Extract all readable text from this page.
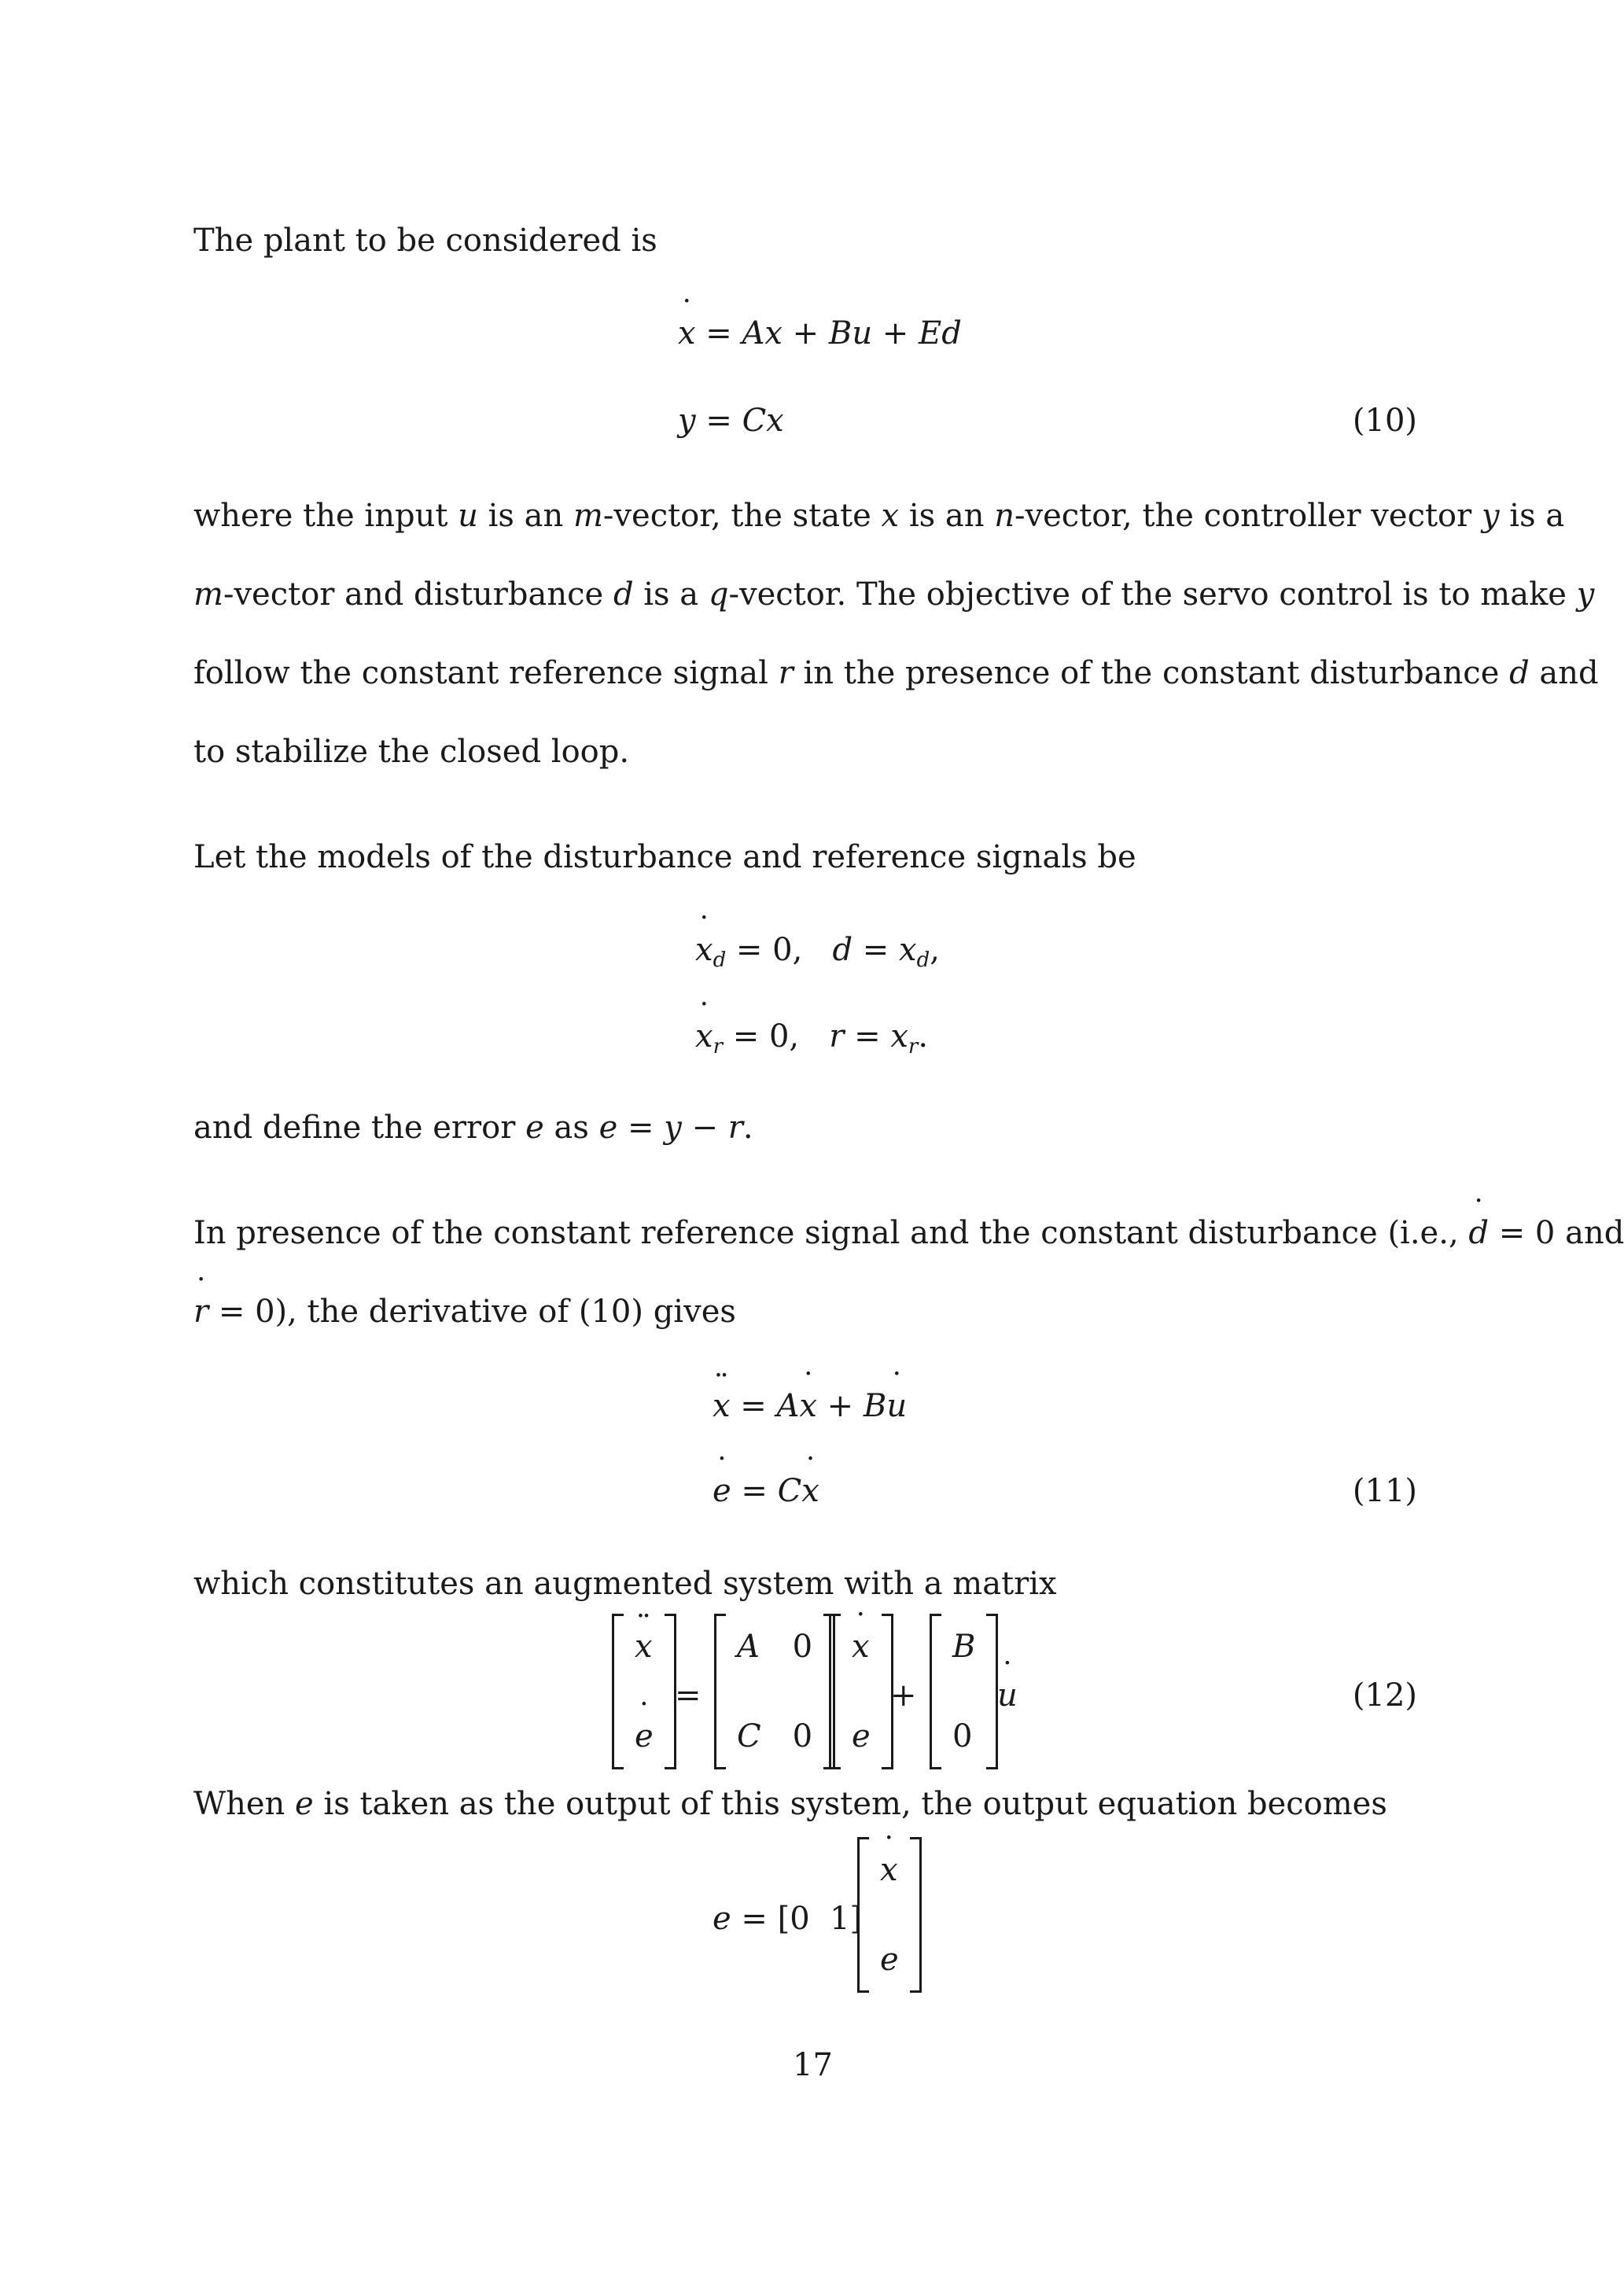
The plant to be considered is
x ˙ = Ax + Bu + Ed
y = Cx	(10)
where the input u is an m-vector, the state x is an n-vector, the controller vector y is a
m-vector and disturbance d is a q-vector. The objective of the servo control is to make y
follow the constant reference signal r in the presence of the constant disturbance d and
to stabilize the closed loop.
Let the models of the disturbance and reference signals be
x $˙_d = 0$,   $d = x_d$,
x $˙_r = 0$,   $r = x_r$.
and define the error e as e = y − r.
In presence of the constant reference signal and the constant disturbance (i.e., d ˙ = 0 and
r ˙ = 0), the derivative of (10) gives
x ¨ = Ax ˙ + Bu ˙
e ˙ = Cx ˙	(11)
which constitutes an augmented system with a matrix
x ¨
e ˙
=
A 0
C 0
x ˙
e
+
B
0
u ˙	(12)
When e is taken as the output of this system, the output equation becomes
e = [0  1]
x ˙
e
17
